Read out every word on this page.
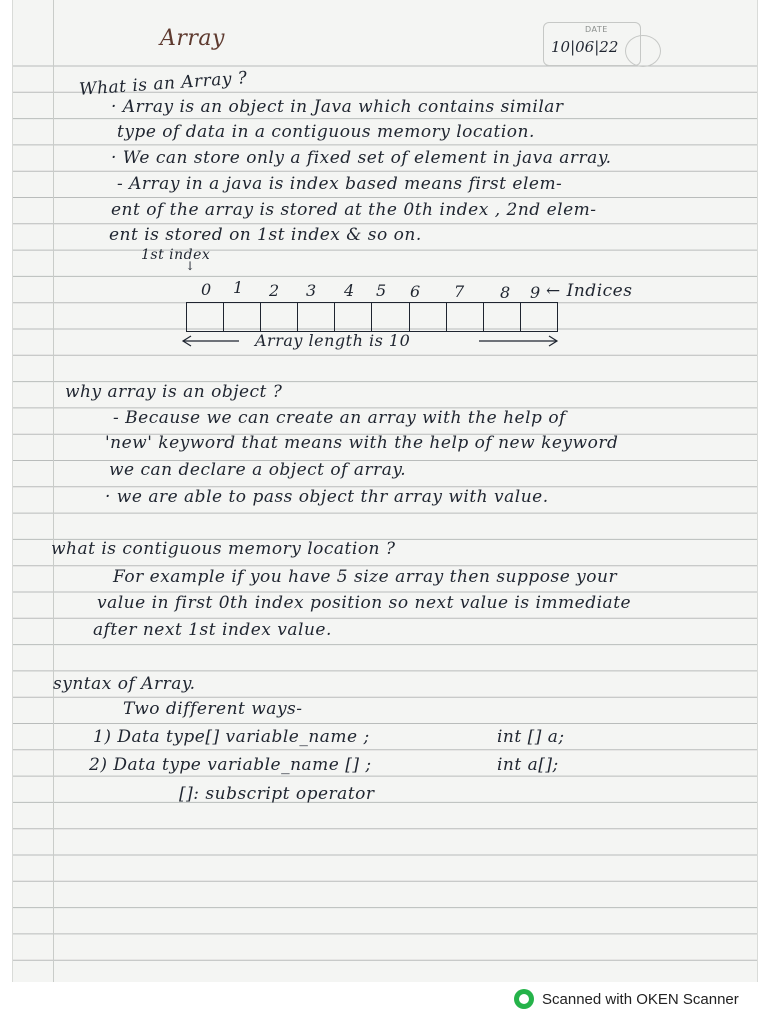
Array	DATE
10|06|22
What is an Array ?
· Array is an object in Java which contains similar
type of data in a contiguous memory location.
· We can store only a fixed set of element in java array.
- Array in a java is index based means first elem-
ent of the array is stored at the 0th index , 2nd elem-
ent is stored on 1st index & so on.
1st index
↓
0 1 2 3 4 5 6 7 8 9 ← Indices
Array length is 10
why array is an object ?
- Because we can create an array with the help of
'new' keyword that means with the help of new keyword
we can declare a object of array.
· we are able to pass object thr array with value.
what is contiguous memory location ?
For example if you have 5 size array then suppose your
value in first 0th index position so next value is immediate
after next 1st index value.
syntax of Array.
Two different ways-
1) Data type[] variable_name ;	int [] a;
2) Data type variable_name [] ;	int a[];
[]: subscript operator
Scanned with OKEN Scanner
